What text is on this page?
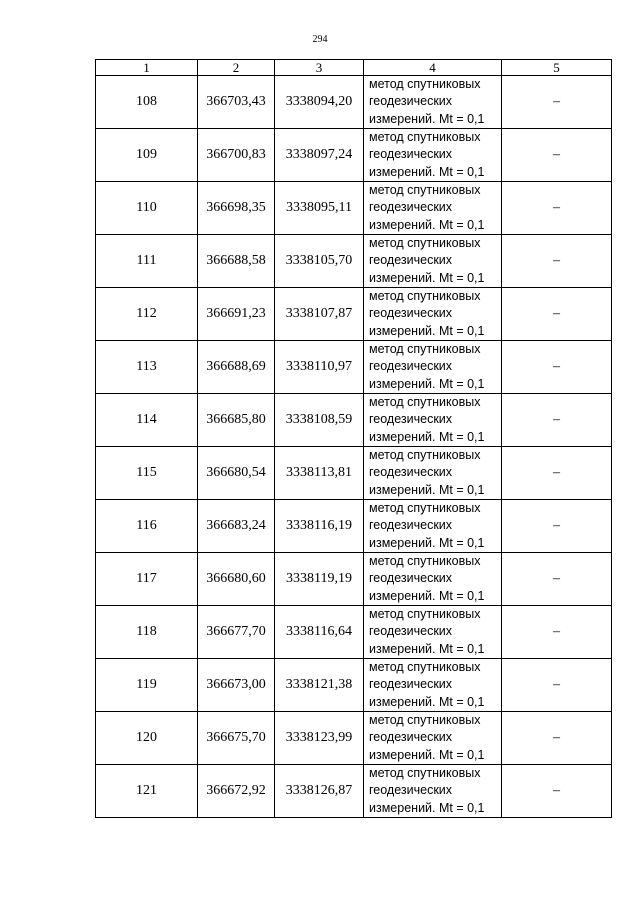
294
1	2	3	4	5
108	366703,43	3338094,20	метод спутниковых
геодезических
измерений. Mt = 0,1	–
109	366700,83	3338097,24	метод спутниковых
геодезических
измерений. Mt = 0,1	–
110	366698,35	3338095,11	метод спутниковых
геодезических
измерений. Mt = 0,1	–
111	366688,58	3338105,70	метод спутниковых
геодезических
измерений. Mt = 0,1	–
112	366691,23	3338107,87	метод спутниковых
геодезических
измерений. Mt = 0,1	–
113	366688,69	3338110,97	метод спутниковых
геодезических
измерений. Mt = 0,1	–
114	366685,80	3338108,59	метод спутниковых
геодезических
измерений. Mt = 0,1	–
115	366680,54	3338113,81	метод спутниковых
геодезических
измерений. Mt = 0,1	–
116	366683,24	3338116,19	метод спутниковых
геодезических
измерений. Mt = 0,1	–
117	366680,60	3338119,19	метод спутниковых
геодезических
измерений. Mt = 0,1	–
118	366677,70	3338116,64	метод спутниковых
геодезических
измерений. Mt = 0,1	–
119	366673,00	3338121,38	метод спутниковых
геодезических
измерений. Mt = 0,1	–
120	366675,70	3338123,99	метод спутниковых
геодезических
измерений. Mt = 0,1	–
121	366672,92	3338126,87	метод спутниковых
геодезических
измерений. Mt = 0,1	–
